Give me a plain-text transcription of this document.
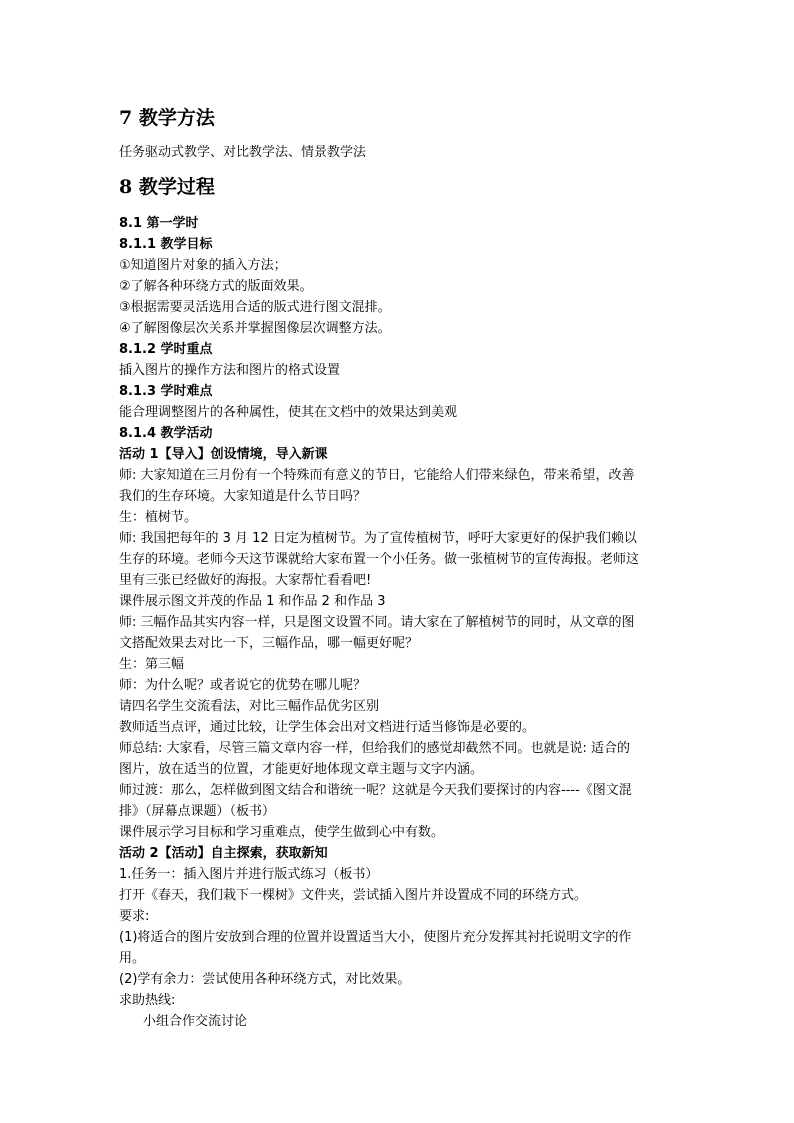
7 教学方法
任务驱动式教学、对比教学法、情景教学法
8 教学过程
8.1 第一学时
8.1.1 教学目标
①知道图片对象的插入方法；
②了解各种环绕方式的版面效果。
③根据需要灵活选用合适的版式进行图文混排。
④了解图像层次关系并掌握图像层次调整方法。
8.1.2 学时重点
插入图片的操作方法和图片的格式设置
8.1.3 学时难点
能合理调整图片的各种属性，使其在文档中的效果达到美观
8.1.4 教学活动
活动 1【导入】创设情境，导入新课
师: 大家知道在三月份有一个特殊而有意义的节日，它能给人们带来绿色，带来希望，改善
我们的生存环境。大家知道是什么节日吗？
生：植树节。
师: 我国把每年的 3 月 12 日定为植树节。为了宣传植树节，呼吁大家更好的保护我们赖以
生存的环境。老师今天这节课就给大家布置一个小任务。做一张植树节的宣传海报。老师这
里有三张已经做好的海报。大家帮忙看看吧!
课件展示图文并茂的作品 1 和作品 2 和作品 3
师: 三幅作品其实内容一样，只是图文设置不同。请大家在了解植树节的同时，从文章的图
文搭配效果去对比一下，三幅作品，哪一幅更好呢？
生：第三幅
师：为什么呢？或者说它的优势在哪儿呢？
请四名学生交流看法，对比三幅作品优劣区别
教师适当点评，通过比较，让学生体会出对文档进行适当修饰是必要的。
师总结: 大家看，尽管三篇文章内容一样，但给我们的感觉却截然不同。也就是说: 适合的
图片，放在适当的位置，才能更好地体现文章主题与文字内涵。
师过渡：那么，怎样做到图文结合和谐统一呢？这就是今天我们要探讨的内容----《图文混
排》（屏幕点课题）（板书）
课件展示学习目标和学习重难点，使学生做到心中有数。
活动 2【活动】自主探索，获取新知
1.任务一：插入图片并进行版式练习（板书）
打开《春天，我们栽下一棵树》文件夹，尝试插入图片并设置成不同的环绕方式。
要求:
(1)将适合的图片安放到合理的位置并设置适当大小，使图片充分发挥其衬托说明文字的作
用。
(2)学有余力：尝试使用各种环绕方式，对比效果。
求助热线:
小组合作交流讨论
